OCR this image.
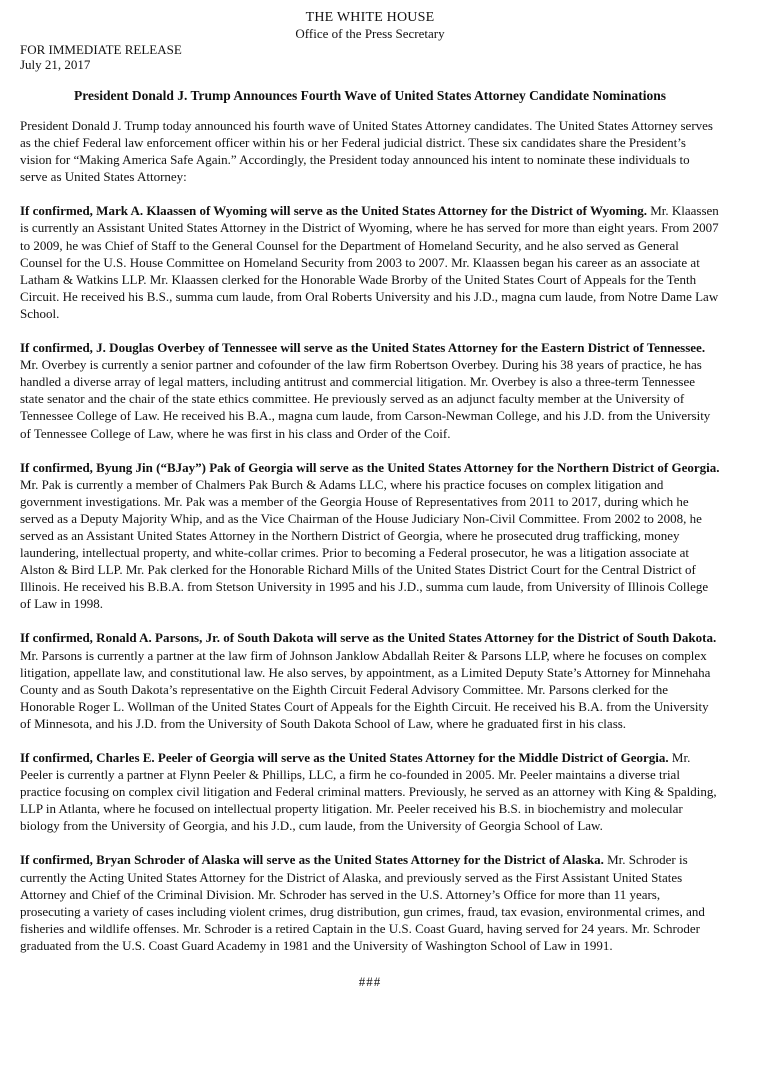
THE WHITE HOUSE
Office of the Press Secretary
FOR IMMEDIATE RELEASE
July 21, 2017
President Donald J. Trump Announces Fourth Wave of United States Attorney Candidate Nominations

President Donald J. Trump today announced his fourth wave of United States Attorney candidates. The United States Attorney serves as the chief Federal law enforcement officer within his or her Federal judicial district. These six candidates share the President’s vision for “Making America Safe Again.” Accordingly, the President today announced his intent to nominate these individuals to serve as United States Attorney:

If confirmed, Mark A. Klaassen of Wyoming will serve as the United States Attorney for the District of Wyoming. Mr. Klaassen is currently an Assistant United States Attorney in the District of Wyoming, where he has served for more than eight years. From 2007 to 2009, he was Chief of Staff to the General Counsel for the Department of Homeland Security, and he also served as General Counsel for the U.S. House Committee on Homeland Security from 2003 to 2007. Mr. Klaassen began his career as an associate at Latham & Watkins LLP. Mr. Klaassen clerked for the Honorable Wade Brorby of the United States Court of Appeals for the Tenth Circuit. He received his B.S., summa cum laude, from Oral Roberts University and his J.D., magna cum laude, from Notre Dame Law School.

If confirmed, J. Douglas Overbey of Tennessee will serve as the United States Attorney for the Eastern District of Tennessee. Mr. Overbey is currently a senior partner and cofounder of the law firm Robertson Overbey. During his 38 years of practice, he has handled a diverse array of legal matters, including antitrust and commercial litigation. Mr. Overbey is also a three-term Tennessee state senator and the chair of the state ethics committee. He previously served as an adjunct faculty member at the University of Tennessee College of Law. He received his B.A., magna cum laude, from Carson-Newman College, and his J.D. from the University of Tennessee College of Law, where he was first in his class and Order of the Coif.

If confirmed, Byung Jin (“BJay”) Pak of Georgia will serve as the United States Attorney for the Northern District of Georgia. Mr. Pak is currently a member of Chalmers Pak Burch & Adams LLC, where his practice focuses on complex litigation and government investigations. Mr. Pak was a member of the Georgia House of Representatives from 2011 to 2017, during which he served as a Deputy Majority Whip, and as the Vice Chairman of the House Judiciary Non-Civil Committee. From 2002 to 2008, he served as an Assistant United States Attorney in the Northern District of Georgia, where he prosecuted drug trafficking, money laundering, intellectual property, and white-collar crimes. Prior to becoming a Federal prosecutor, he was a litigation associate at Alston & Bird LLP. Mr. Pak clerked for the Honorable Richard Mills of the United States District Court for the Central District of Illinois. He received his B.B.A. from Stetson University in 1995 and his J.D., summa cum laude, from University of Illinois College of Law in 1998.

If confirmed, Ronald A. Parsons, Jr. of South Dakota will serve as the United States Attorney for the District of South Dakota. Mr. Parsons is currently a partner at the law firm of Johnson Janklow Abdallah Reiter & Parsons LLP, where he focuses on complex litigation, appellate law, and constitutional law. He also serves, by appointment, as a Limited Deputy State’s Attorney for Minnehaha County and as South Dakota’s representative on the Eighth Circuit Federal Advisory Committee. Mr. Parsons clerked for the Honorable Roger L. Wollman of the United States Court of Appeals for the Eighth Circuit. He received his B.A. from the University of Minnesota, and his J.D. from the University of South Dakota School of Law, where he graduated first in his class.

If confirmed, Charles E. Peeler of Georgia will serve as the United States Attorney for the Middle District of Georgia. Mr. Peeler is currently a partner at Flynn Peeler & Phillips, LLC, a firm he co-founded in 2005. Mr. Peeler maintains a diverse trial practice focusing on complex civil litigation and Federal criminal matters. Previously, he served as an attorney with King & Spalding, LLP in Atlanta, where he focused on intellectual property litigation. Mr. Peeler received his B.S. in biochemistry and molecular biology from the University of Georgia, and his J.D., cum laude, from the University of Georgia School of Law.

If confirmed, Bryan Schroder of Alaska will serve as the United States Attorney for the District of Alaska. Mr. Schroder is currently the Acting United States Attorney for the District of Alaska, and previously served as the First Assistant United States Attorney and Chief of the Criminal Division. Mr. Schroder has served in the U.S. Attorney’s Office for more than 11 years, prosecuting a variety of cases including violent crimes, drug distribution, gun crimes, fraud, tax evasion, environmental crimes, and fisheries and wildlife offenses. Mr. Schroder is a retired Captain in the U.S. Coast Guard, having served for 24 years. Mr. Schroder graduated from the U.S. Coast Guard Academy in 1981 and the University of Washington School of Law in 1991.

###
